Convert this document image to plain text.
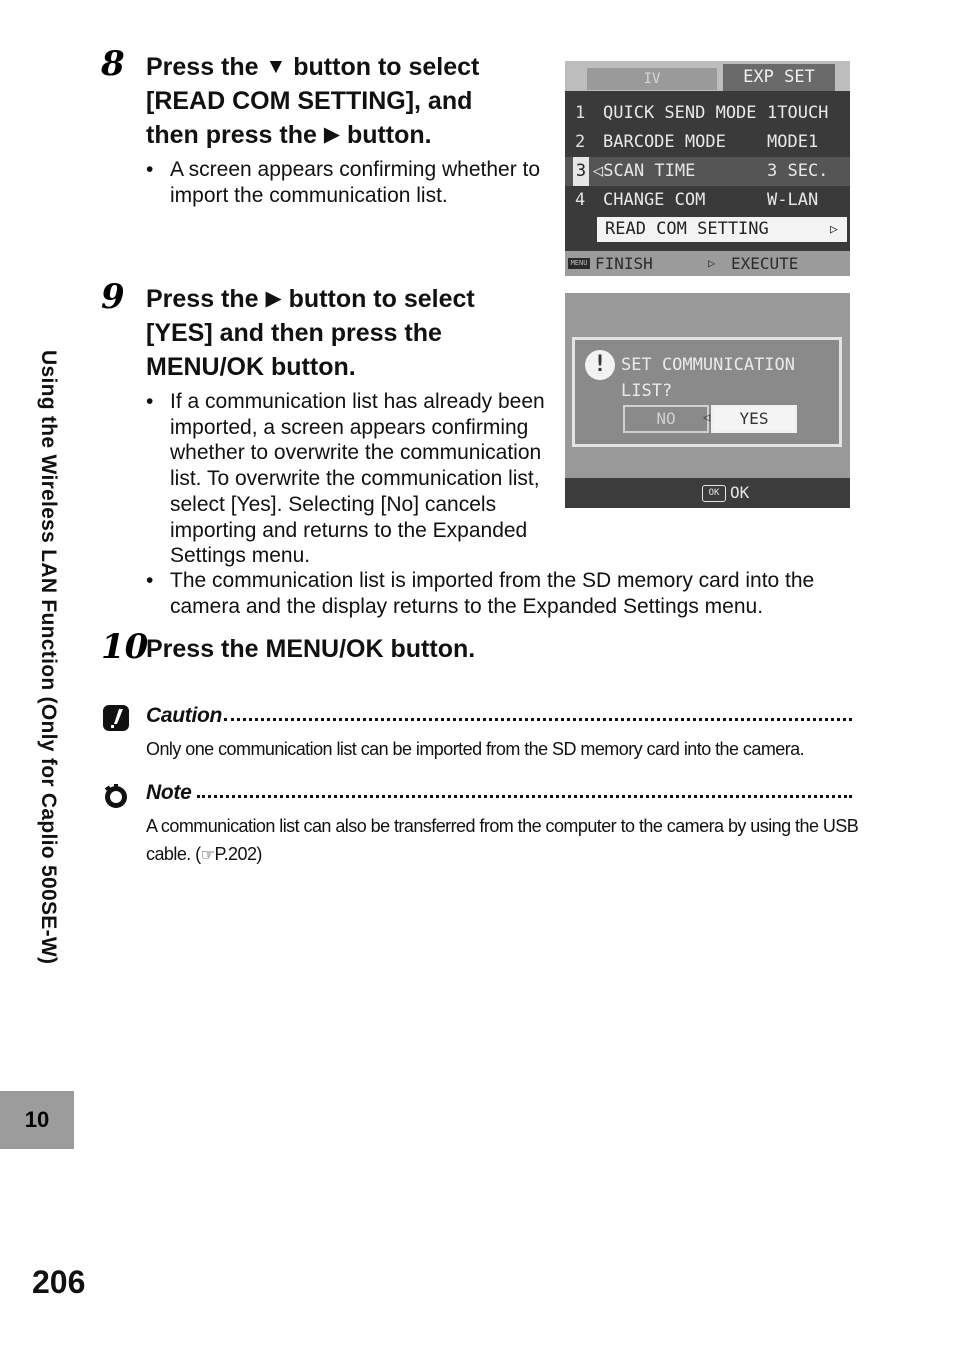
Using the Wireless LAN Function (Only for Caplio 500SE-W)
10
206
8 Press the ▼ button to select
[READ COM SETTING], and
then press the ▶ button.
• A screen appears confirming whether to import the communication list.
IV	EXP SET
1	QUICK SEND MODE 1TOUCH
2	BARCODE MODE MODE1
3 ◁SCAN TIME	3 SEC.
4	CHANGE COM	W-LAN
READ COM SETTING	▷
MENU FINISH	▷ EXECUTE
9 Press the ▶ button to select
[YES] and then press the
MENU/OK button.
• If a communication list has already been imported, a screen appears confirming whether to overwrite the communication list. To overwrite the communication list, select [Yes]. Selecting [No] cancels importing and returns to the Expanded Settings menu.
• The communication list is imported from the SD memory card into the camera and the display returns to the Expanded Settings menu.
! SET COMMUNICATION
LIST?
NO	◁	YES
OK OK
10
Press the MENU/OK button.
Caution
Only one communication list can be imported from the SD memory card into the camera.
Note
A communication list can also be transferred from the computer to the camera by using the USB cable. (☞P.202)
